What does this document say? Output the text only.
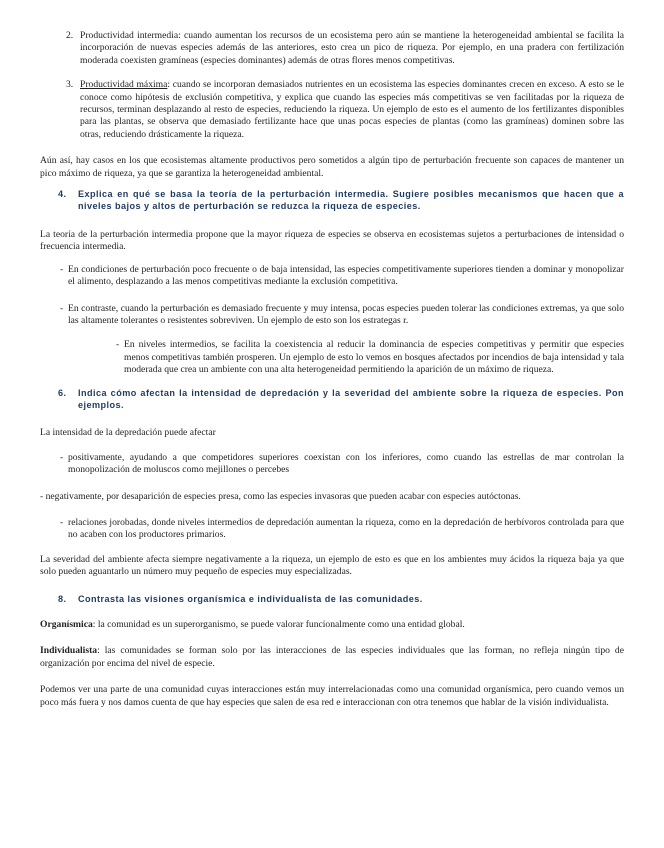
2. Productividad intermedia: cuando aumentan los recursos de un ecosistema pero aún se mantiene la heterogeneidad ambiental se facilita la incorporación de nuevas especies además de las anteriores, esto crea un pico de riqueza. Por ejemplo, en una pradera con fertilización moderada coexisten gramíneas (especies dominantes) además de otras flores menos competitivas.

3. Productividad máxima: cuando se incorporan demasiados nutrientes en un ecosistema las especies dominantes crecen en exceso. A esto se le conoce como hipótesis de exclusión competitiva, y explica que cuando las especies más competitivas se ven facilitadas por la riqueza de recursos, terminan desplazando al resto de especies, reduciendo la riqueza. Un ejemplo de esto es el aumento de los fertilizantes disponibles para las plantas, se observa que demasiado fertilizante hace que unas pocas especies de plantas (como las gramíneas) dominen sobre las otras, reduciendo drásticamente la riqueza.

Aún así, hay casos en los que ecosistemas altamente productivos pero sometidos a algún tipo de perturbación frecuente son capaces de mantener un pico máximo de riqueza, ya que se garantiza la heterogeneidad ambiental.

4. Explica en qué se basa la teoría de la perturbación intermedia. Sugiere posibles mecanismos que hacen que a niveles bajos y altos de perturbación se reduzca la riqueza de especies.

La teoría de la perturbación intermedia propone que la mayor riqueza de especies se observa en ecosistemas sujetos a perturbaciones de intensidad o frecuencia intermedia.

- En condiciones de perturbación poco frecuente o de baja intensidad, las especies competitivamente superiores tienden a dominar y monopolizar el alimento, desplazando a las menos competitivas mediante la exclusión competitiva.

- En contraste, cuando la perturbación es demasiado frecuente y muy intensa, pocas especies pueden tolerar las condiciones extremas, ya que solo las altamente tolerantes o resistentes sobreviven. Un ejemplo de esto son los estrategas r.

- En niveles intermedios, se facilita la coexistencia al reducir la dominancia de especies competitivas y permitir que especies menos competitivas también prosperen. Un ejemplo de esto lo vemos en bosques afectados por incendios de baja intensidad y tala moderada que crea un ambiente con una alta heterogeneidad permitiendo la aparición de un máximo de riqueza.

6. Indica cómo afectan la intensidad de depredación y la severidad del ambiente sobre la riqueza de especies. Pon ejemplos.

La intensidad de la depredación puede afectar

- positivamente, ayudando a que competidores superiores coexistan con los inferiores, como cuando las estrellas de mar controlan la monopolización de moluscos como mejillones o percebes

- negativamente, por desaparición de especies presa, como las especies invasoras que pueden acabar con especies autóctonas.

- relaciones jorobadas, donde niveles intermedios de depredación aumentan la riqueza, como en la depredación de herbívoros controlada para que no acaben con los productores primarios.

La severidad del ambiente afecta siempre negativamente a la riqueza, un ejemplo de esto es que en los ambientes muy ácidos la riqueza baja ya que solo pueden aguantarlo un número muy pequeño de especies muy especializadas.

8. Contrasta las visiones organísmica e individualista de las comunidades.

Organísmica: la comunidad es un superorganismo, se puede valorar funcionalmente como una entidad global.

Individualista: las comunidades se forman solo por las interacciones de las especies individuales que las forman, no refleja ningún tipo de organización por encima del nivel de especie.

Podemos ver una parte de una comunidad cuyas interacciones están muy interrelacionadas como una comunidad organísmica, pero cuando vemos un poco más fuera y nos damos cuenta de que hay especies que salen de esa red e interaccionan con otra tenemos que hablar de la visión individualista.
